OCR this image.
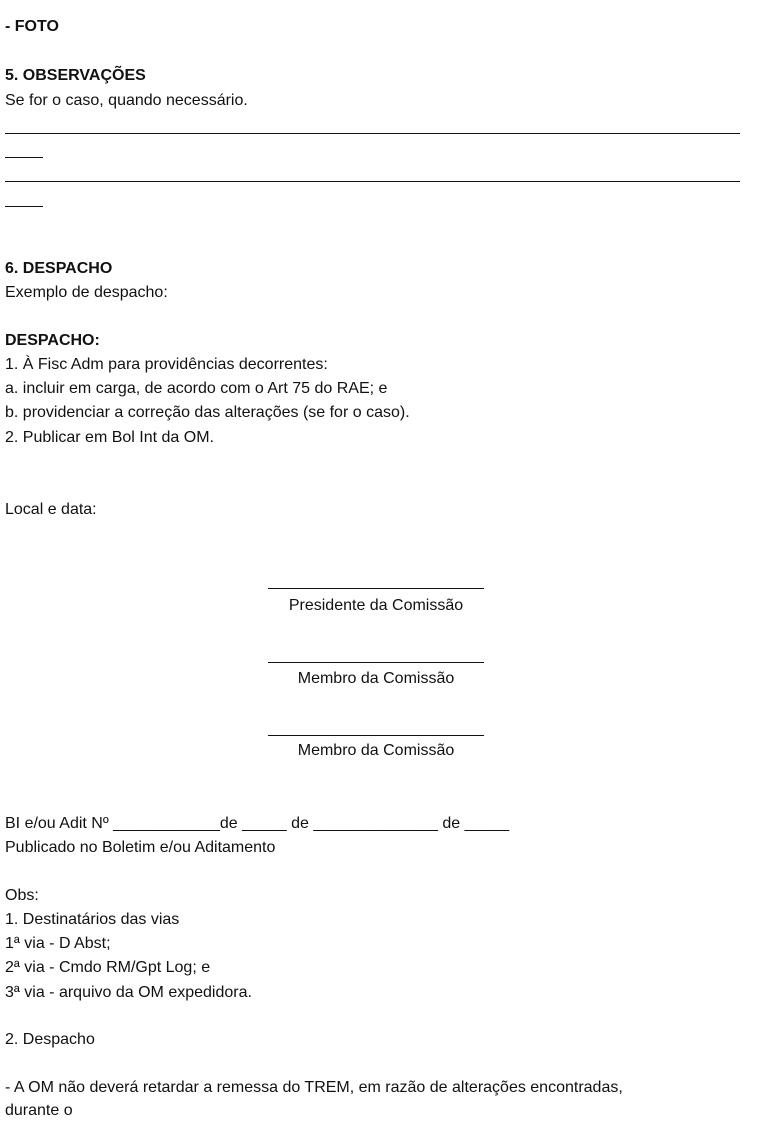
- FOTO
5. OBSERVAÇÕES
Se for o caso, quando necessário.
6. DESPACHO
Exemplo de despacho:
DESPACHO:
1. À Fisc Adm para providências decorrentes:
a. incluir em carga, de acordo com o Art 75 do RAE; e
b. providenciar a correção das alterações (se for o caso).
2. Publicar em Bol Int da OM.
Local e data:
Presidente da Comissão
Membro da Comissão
Membro da Comissão
BI e/ou Adit Nº ____________de _____ de ______________ de _____
Publicado no Boletim e/ou Aditamento
Obs:
1. Destinatários das vias
1ª via - D Abst;
2ª via - Cmdo RM/Gpt Log; e
3ª via - arquivo da OM expedidora.
2. Despacho
- A OM não deverá retardar a remessa do TREM, em razão de alterações encontradas,
durante o
